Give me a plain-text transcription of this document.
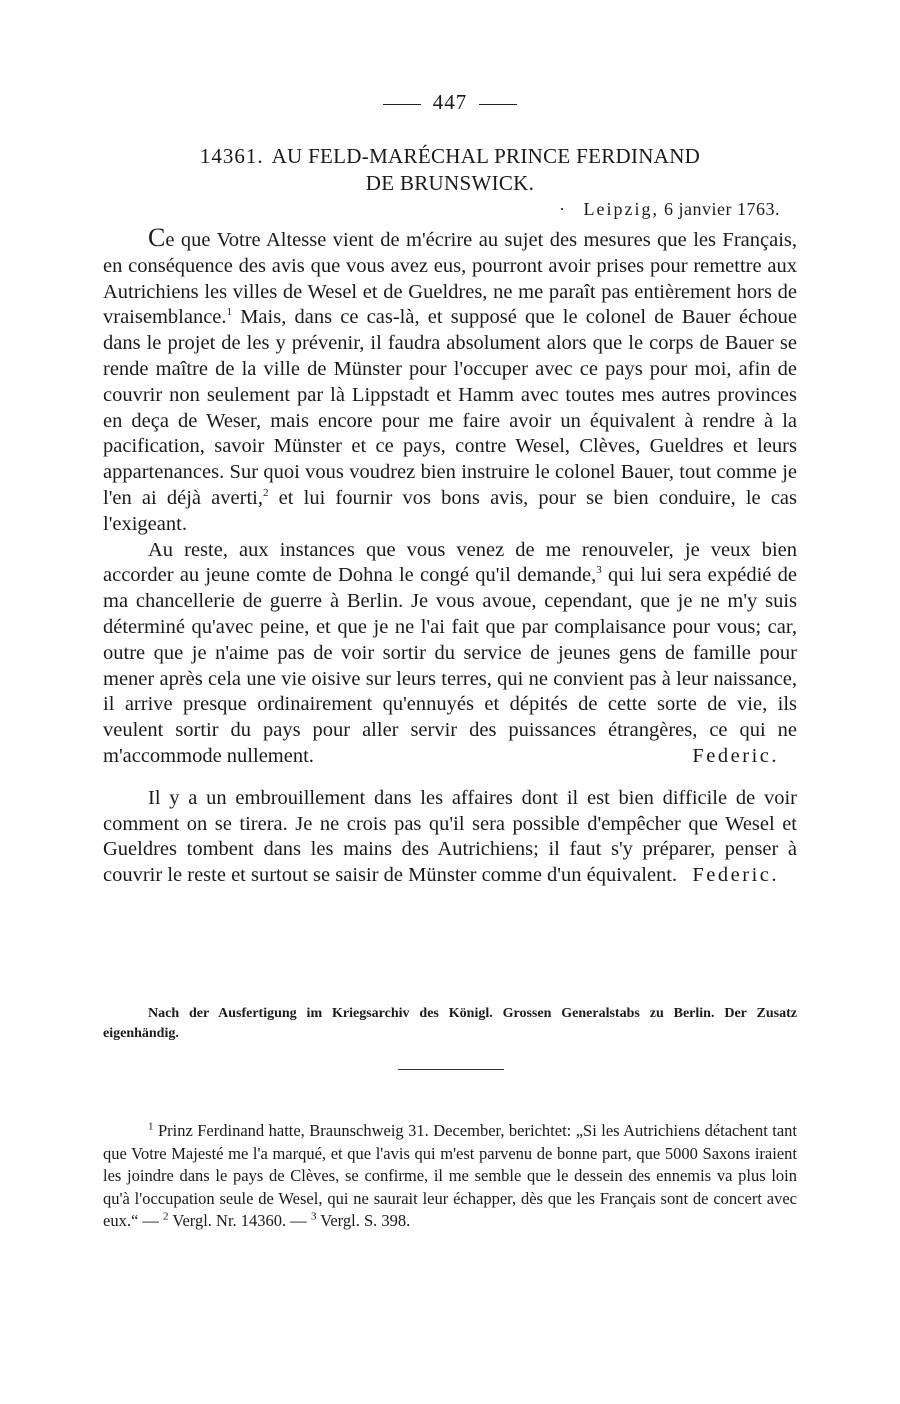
447
14361. AU FELD-MARÉCHAL PRINCE FERDINAND
DE BRUNSWICK.
· Leipzig, 6 janvier 1763.

Ce que Votre Altesse vient de m'écrire au sujet des mesures que les Français, en conséquence des avis que vous avez eus, pourront avoir prises pour remettre aux Autrichiens les villes de Wesel et de Gueldres, ne me paraît pas entièrement hors de vraisemblance.$^1$ Mais, dans ce cas-là, et supposé que le colonel de Bauer échoue dans le projet de les y prévenir, il faudra absolument alors que le corps de Bauer se rende maître de la ville de Münster pour l'occuper avec ce pays pour moi, afin de couvrir non seulement par là Lippstadt et Hamm avec toutes mes autres provinces en deça de Weser, mais encore pour me faire avoir un équivalent à rendre à la pacification, savoir Münster et ce pays, contre Wesel, Clèves, Gueldres et leurs appartenances. Sur quoi vous voudrez bien instruire le colonel Bauer, tout comme je l'en ai déjà averti,$^2$ et lui fournir vos bons avis, pour se bien conduire, le cas l'exigeant.

Au reste, aux instances que vous venez de me renouveler, je veux bien accorder au jeune comte de Dohna le congé qu'il demande,$^3$ qui lui sera expédié de ma chancellerie de guerre à Berlin. Je vous avoue, cependant, que je ne m'y suis déterminé qu'avec peine, et que je ne l'ai fait que par complaisance pour vous; car, outre que je n'aime pas de voir sortir du service de jeunes gens de famille pour mener après cela une vie oisive sur leurs terres, qui ne convient pas à leur naissance, il arrive presque ordinairement qu'ennuyés et dépités de cette sorte de vie, ils veulent sortir du pays pour aller servir des puissances étrangères, ce qui ne m'accommode nullement.	Federic.

Il y a un embrouillement dans les affaires dont il est bien difficile de voir comment on se tirera. Je ne crois pas qu'il sera possible d'empêcher que Wesel et Gueldres tombent dans les mains des Autrichiens; il faut s'y préparer, penser à couvrir le reste et surtout se saisir de Münster comme d'un équivalent. Federic.
Nach der Ausfertigung im Kriegsarchiv des Königl. Grossen Generalstabs zu Berlin. Der Zusatz eigenhändig.
$^1$ Prinz Ferdinand hatte, Braunschweig 31. December, berichtet: „Si les Autrichiens détachent tant que Votre Majesté me l'a marqué, et que l'avis qui m'est parvenu de bonne part, que 5000 Saxons iraient les joindre dans le pays de Clèves, se confirme, il me semble que le dessein des ennemis va plus loin qu'à l'occupation seule de Wesel, qui ne saurait leur échapper, dès que les Français sont de concert avec eux.“ — $^2$ Vergl. Nr. 14360. — $^3$ Vergl. S. 398.
